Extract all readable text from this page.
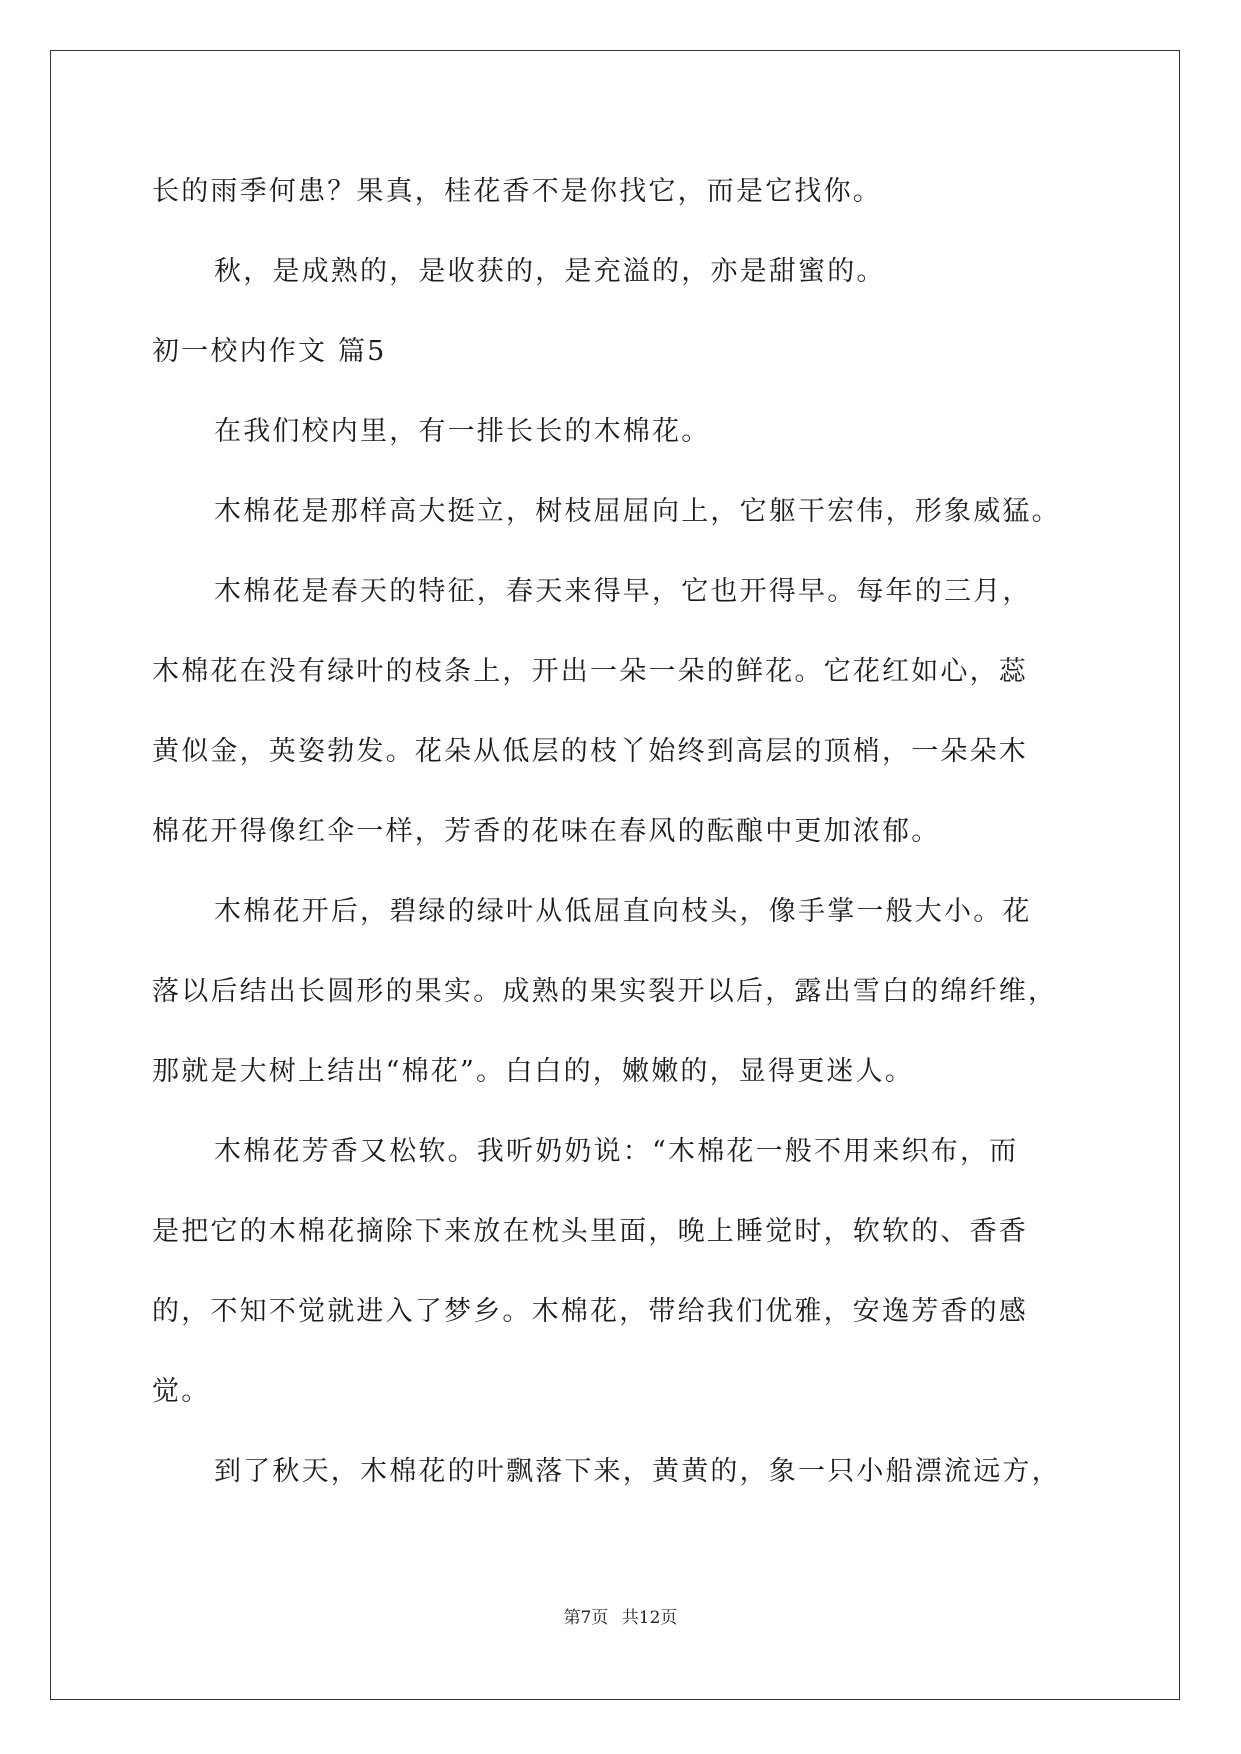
长的雨季何患？果真，桂花香不是你找它，而是它找你。
秋，是成熟的，是收获的，是充溢的，亦是甜蜜的。
初一校内作文 篇5
在我们校内里，有一排长长的木棉花。
木棉花是那样高大挺立，树枝屈屈向上，它躯干宏伟，形象威猛。
木棉花是春天的特征，春天来得早，它也开得早。每年的三月，
木棉花在没有绿叶的枝条上，开出一朵一朵的鲜花。它花红如心，蕊
黄似金，英姿勃发。花朵从低层的枝丫始终到高层的顶梢，一朵朵木
棉花开得像红伞一样，芳香的花味在春风的酝酿中更加浓郁。
木棉花开后，碧绿的绿叶从低屈直向枝头，像手掌一般大小。花
落以后结出长圆形的果实。成熟的果实裂开以后，露出雪白的绵纤维，
那就是大树上结出“棉花”。白白的，嫩嫩的，显得更迷人。
木棉花芳香又松软。我听奶奶说：“木棉花一般不用来织布，而
是把它的木棉花摘除下来放在枕头里面，晚上睡觉时，软软的、香香
的，不知不觉就进入了梦乡。木棉花，带给我们优雅，安逸芳香的感
觉。
到了秋天，木棉花的叶飘落下来，黄黄的，象一只小船漂流远方，
第7页 共12页
